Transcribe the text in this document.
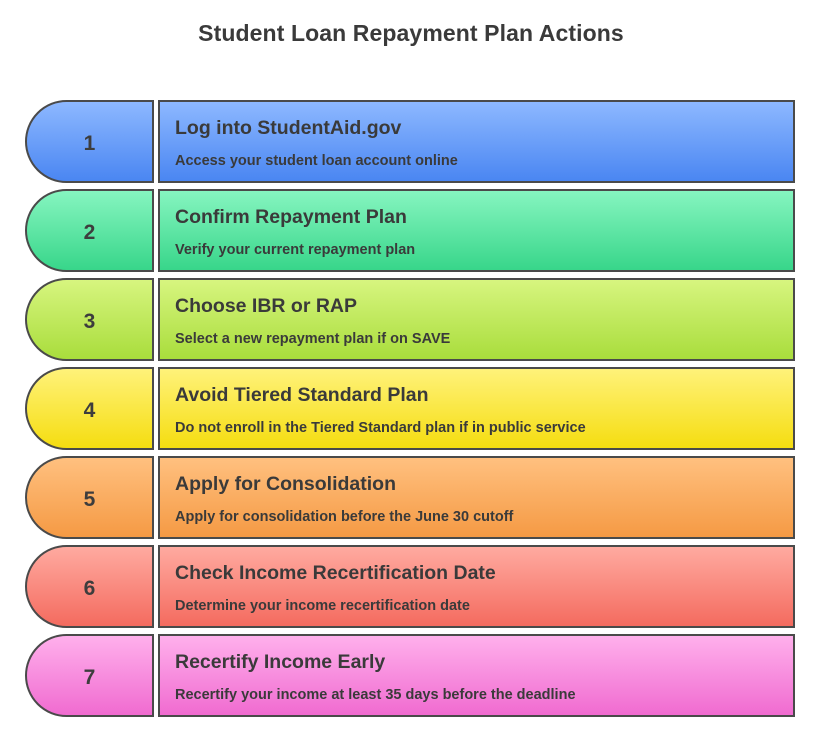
Student Loan Repayment Plan Actions
1
Log into StudentAid.gov
Access your student loan account online
2
Confirm Repayment Plan
Verify your current repayment plan
3
Choose IBR or RAP
Select a new repayment plan if on SAVE
4
Avoid Tiered Standard Plan
Do not enroll in the Tiered Standard plan if in public service
5
Apply for Consolidation
Apply for consolidation before the June 30 cutoff
6
Check Income Recertification Date
Determine your income recertification date
7
Recertify Income Early
Recertify your income at least 35 days before the deadline
